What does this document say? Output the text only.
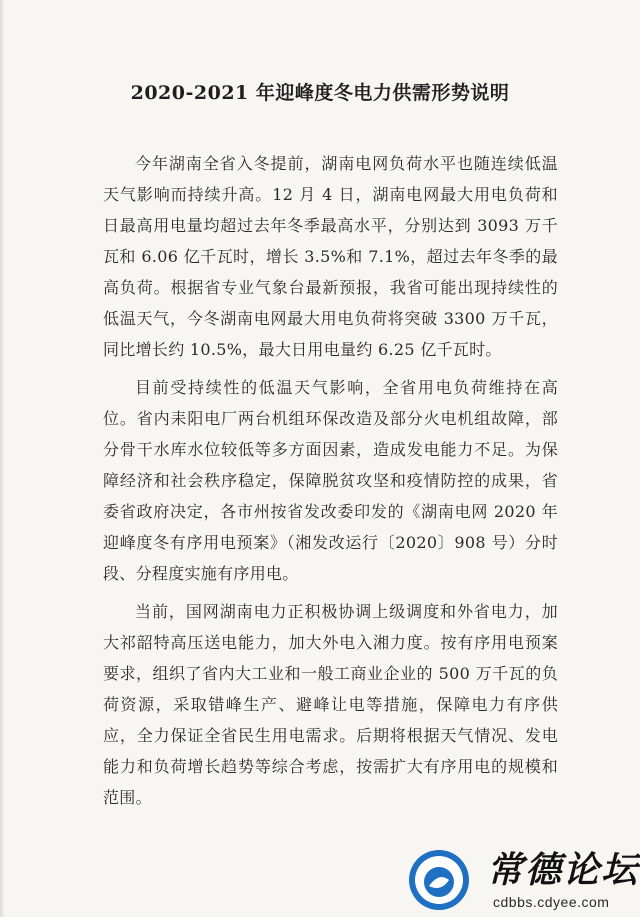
2020-2021 年迎峰度冬电力供需形势说明

今年湖南全省入冬提前，湖南电网负荷水平也随连续低温天气影响而持续升高。12 月 4 日，湖南电网最大用电负荷和日最高用电量均超过去年冬季最高水平，分别达到 3093 万千瓦和 6.06 亿千瓦时，增长 3.5%和 7.1%，超过去年冬季的最高负荷。根据省专业气象台最新预报，我省可能出现持续性的低温天气，今冬湖南电网最大用电负荷将突破 3300 万千瓦，同比增长约 10.5%，最大日用电量约 6.25 亿千瓦时。

目前受持续性的低温天气影响，全省用电负荷维持在高位。省内耒阳电厂两台机组环保改造及部分火电机组故障，部分骨干水库水位较低等多方面因素，造成发电能力不足。为保障经济和社会秩序稳定，保障脱贫攻坚和疫情防控的成果，省委省政府决定，各市州按省发改委印发的《湖南电网 2020 年迎峰度冬有序用电预案》（湘发改运行〔2020〕908 号）分时段、分程度实施有序用电。

当前，国网湖南电力正积极协调上级调度和外省电力，加大祁韶特高压送电能力，加大外电入湘力度。按有序用电预案要求，组织了省内大工业和一般工商业企业的 500 万千瓦的负荷资源，采取错峰生产、避峰让电等措施，保障电力有序供应，全力保证全省民生用电需求。后期将根据天气情况、发电能力和负荷增长趋势等综合考虑，按需扩大有序用电的规模和范围。

常德论坛
cdbbs.cdyee.com
